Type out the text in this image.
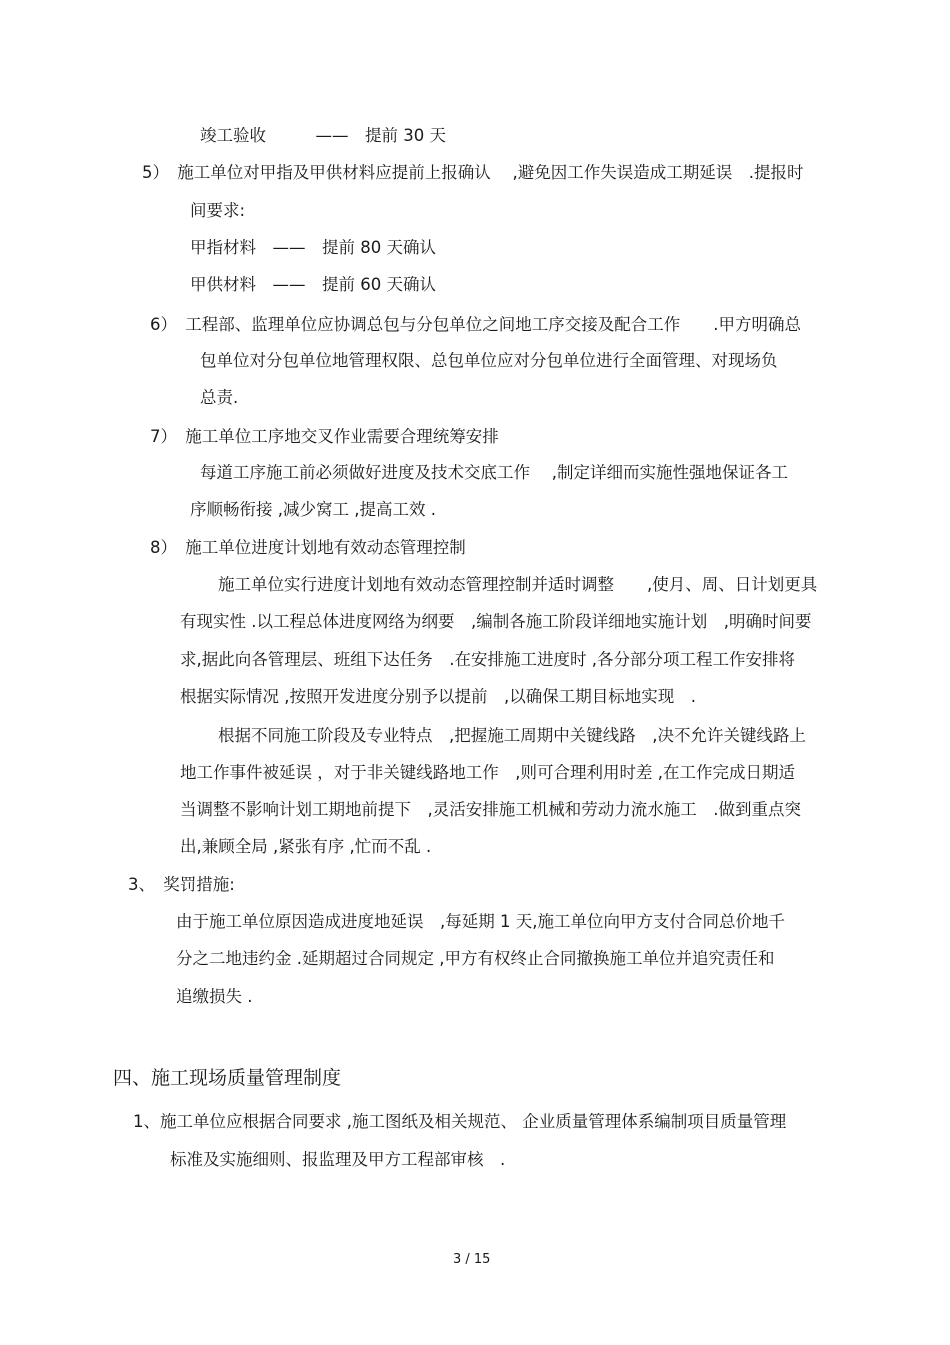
竣工验收　　　——　提前 30 天
5）　施工单位对甲指及甲供材料应提前上报确认　 ,避免因工作失误造成工期延误　.提报时
间要求:
甲指材料　——　提前 80 天确认
甲供材料　——　提前 60 天确认
6）　工程部、监理单位应协调总包与分包单位之间地工序交接及配合工作　　.甲方明确总
包单位对分包单位地管理权限、总包单位应对分包单位进行全面管理、对现场负
总责.
7）　施工单位工序地交叉作业需要合理统筹安排
每道工序施工前必须做好进度及技术交底工作　 ,制定详细而实施性强地保证各工
序顺畅衔接 ,减少窝工 ,提高工效 .
8）　施工单位进度计划地有效动态管理控制
施工单位实行进度计划地有效动态管理控制并适时调整　　,使月、周、日计划更具
有现实性 .以工程总体进度网络为纲要　,编制各施工阶段详细地实施计划　,明确时间要
求,据此向各管理层、班组下达任务　.在安排施工进度时 ,各分部分项工程工作安排将
根据实际情况 ,按照开发进度分别予以提前　,以确保工期目标地实现　.
根据不同施工阶段及专业特点　,把握施工周期中关键线路　,决不允许关键线路上
地工作事件被延误 ，对于非关键线路地工作　,则可合理利用时差 ,在工作完成日期适
当调整不影响计划工期地前提下　,灵活安排施工机械和劳动力流水施工　.做到重点突
出,兼顾全局 ,紧张有序 ,忙而不乱 .
3、　奖罚措施:
由于施工单位原因造成进度地延误　,每延期 1 天,施工单位向甲方支付合同总价地千
分之二地违约金 .延期超过合同规定 ,甲方有权终止合同撤换施工单位并追究责任和
追缴损失 .
四、施工现场质量管理制度
1、施工单位应根据合同要求 ,施工图纸及相关规范、 企业质量管理体系编制项目质量管理
标准及实施细则、报监理及甲方工程部审核　.
3 / 15
